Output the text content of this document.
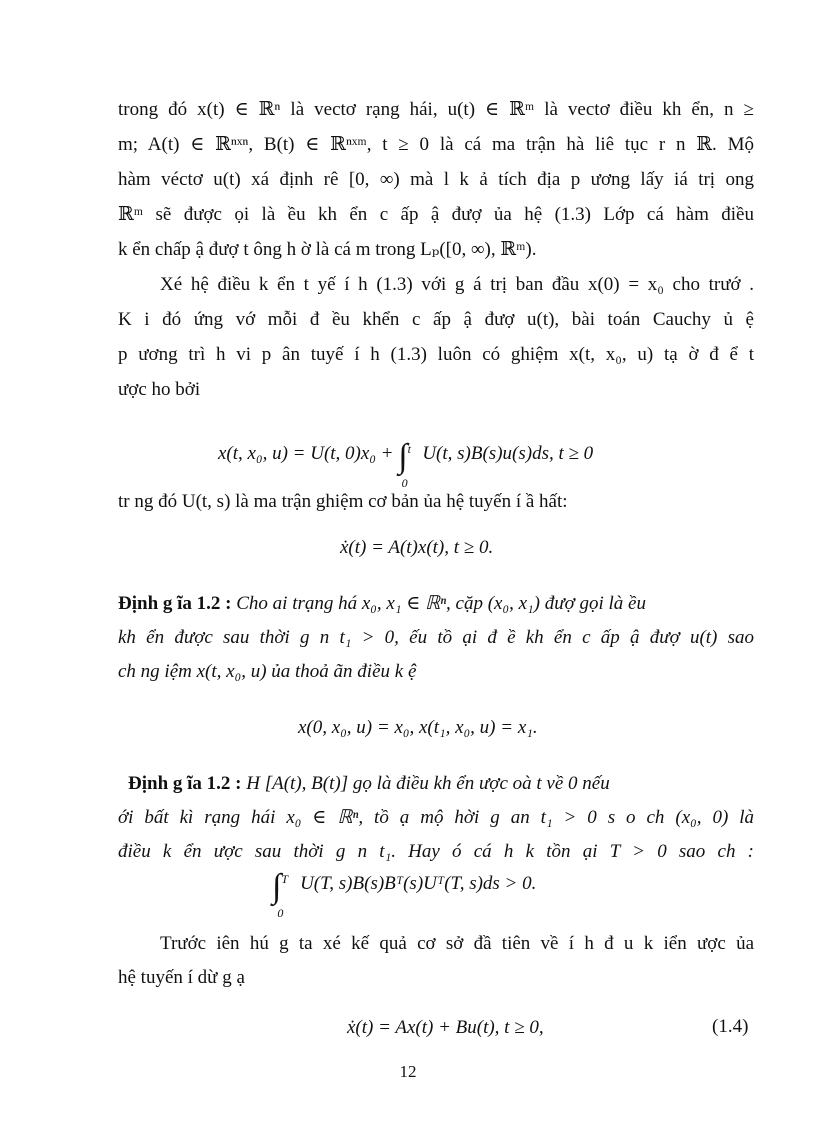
trong đó x(t) ∈ ℝⁿ là vectơ rạng hái, u(t) ∈ ℝᵐ là vectơ điều kh ển, n ≥
m; A(t) ∈ ℝⁿˣⁿ, B(t) ∈ ℝⁿˣᵐ, t ≥ 0 là cá ma trận hà liê tục r n ℝ. Mộ
hàm véctơ u(t) xá định rê [0, ∞) mà l k ả tích địa p ương lấy iá trị ong
ℝᵐ sẽ được ọi là ều kh ển c ấp ậ đượ ủa hệ (1.3) Lớp cá hàm điều
k ển chấp ậ đượ t ông h ờ là cá m trong Lₚ([0, ∞), ℝᵐ).
Xé hệ điều k ển t yế í h (1.3) với g á trị ban đầu x(0) = x₀ cho trướ .
K i đó ứng vớ mỗi đ ều khển c ấp ậ đượ u(t), bài toán Cauchy ủ ệ
p ương trì h vi p ân tuyế í h (1.3) luôn có ghiệm x(t, x₀, u) tạ ờ đ ể t
ược ho bởi
x(t, x₀, u) = U(t, 0)x₀ + ∫ t
0
U(t, s)B(s)u(s)ds, t ≥ 0
tr ng đó U(t, s) là ma trận ghiệm cơ bản ủa hệ tuyến í ầ hất:
ẋ(t) = A(t)x(t), t ≥ 0.
Định g ĩa 1.2 : Cho ai trạng há x₀, x₁ ∈ ℝⁿ, cặp (x₀, x₁) đượ gọi là ều
kh ển được sau thời g n t₁ > 0, ếu tồ ại đ ề kh ển c ấp ậ đượ u(t) sao
ch ng iệm x(t, x₀, u) ủa thoả ãn điều k ệ
x(0, x₀, u) = x₀, x(t₁, x₀, u) = x₁.
Định g ĩa 1.2 : H [A(t), B(t)] gọ là điều kh ển ược oà t về 0 nếu
ới bất kì rạng hái x₀ ∈ ℝⁿ, tồ ạ mộ hời g an t₁ > 0 s o ch (x₀, 0) là
điều k ển ược sau thời g n t₁. Hay ó cá h k tồn ại T > 0 sao ch :
∫ T
0
U(T, s)B(s)Bᵀ(s)Uᵀ(T, s)ds > 0.
Trước iên hú g ta xé kế quả cơ sở đầ tiên về í h đ u k iển ược ủa
12
hệ tuyến í dừ g ạ
ẋ(t) = Ax(t) + Bu(t), t ≥ 0,	(1.4)
